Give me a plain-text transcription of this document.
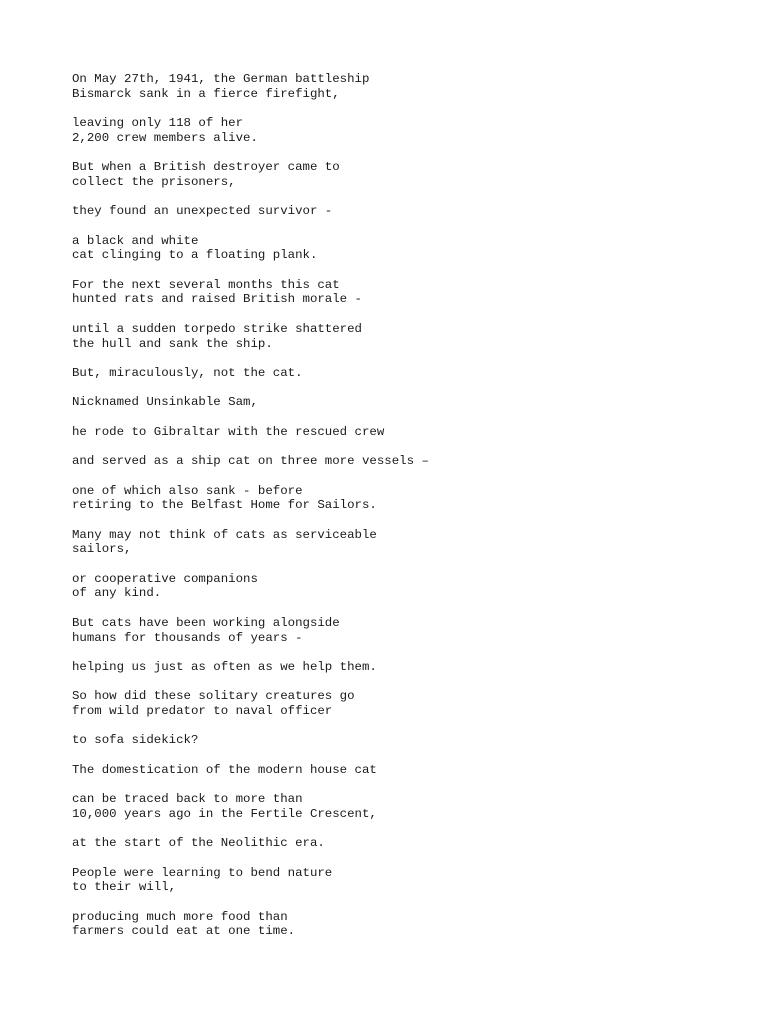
On May 27th, 1941, the German battleship
Bismarck sank in a fierce firefight,

leaving only 118 of her
2,200 crew members alive.

But when a British destroyer came to
collect the prisoners,

they found an unexpected survivor -

a black and white
cat clinging to a floating plank.

For the next several months this cat
hunted rats and raised British morale -

until a sudden torpedo strike shattered
the hull and sank the ship.

But, miraculously, not the cat.

Nicknamed Unsinkable Sam,

he rode to Gibraltar with the rescued crew

and served as a ship cat on three more vessels –

one of which also sank - before
retiring to the Belfast Home for Sailors.

Many may not think of cats as serviceable
sailors,

or cooperative companions
of any kind.

But cats have been working alongside
humans for thousands of years -

helping us just as often as we help them.

So how did these solitary creatures go
from wild predator to naval officer

to sofa sidekick?

The domestication of the modern house cat

can be traced back to more than
10,000 years ago in the Fertile Crescent,

at the start of the Neolithic era.

People were learning to bend nature
to their will,

producing much more food than
farmers could eat at one time.
